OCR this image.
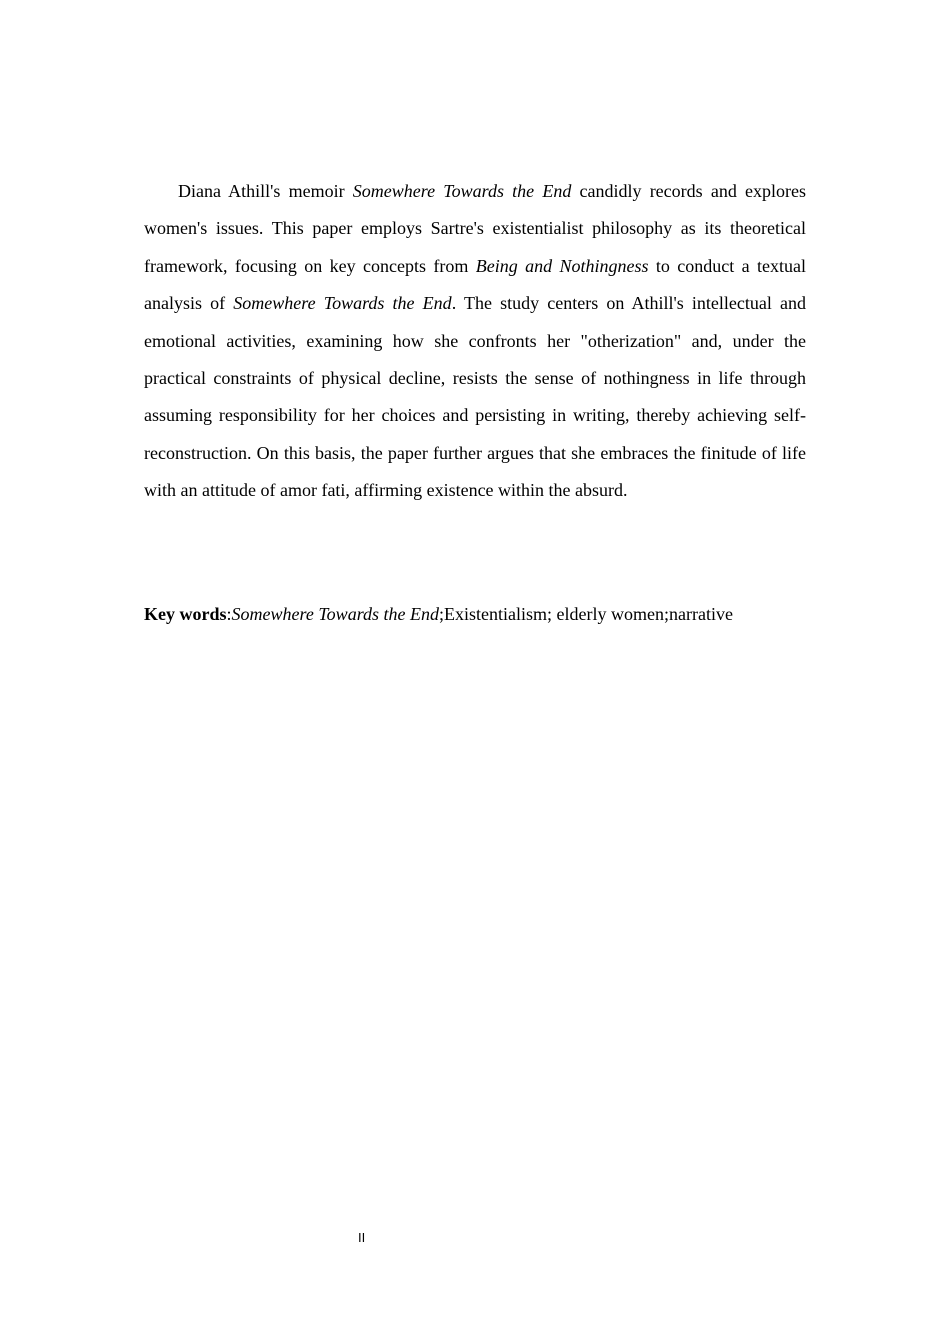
Diana Athill's memoir Somewhere Towards the End candidly records and explores women's issues. This paper employs Sartre's existentialist philosophy as its theoretical framework, focusing on key concepts from Being and Nothingness to conduct a textual analysis of Somewhere Towards the End. The study centers on Athill's intellectual and emotional activities, examining how she confronts her "otherization" and, under the practical constraints of physical decline, resists the sense of nothingness in life through assuming responsibility for her choices and persisting in writing, thereby achieving self-reconstruction. On this basis, the paper further argues that she embraces the finitude of life with an attitude of amor fati, affirming existence within the absurd.

Key words:Somewhere Towards the End;Existentialism; elderly women;narrative

II
